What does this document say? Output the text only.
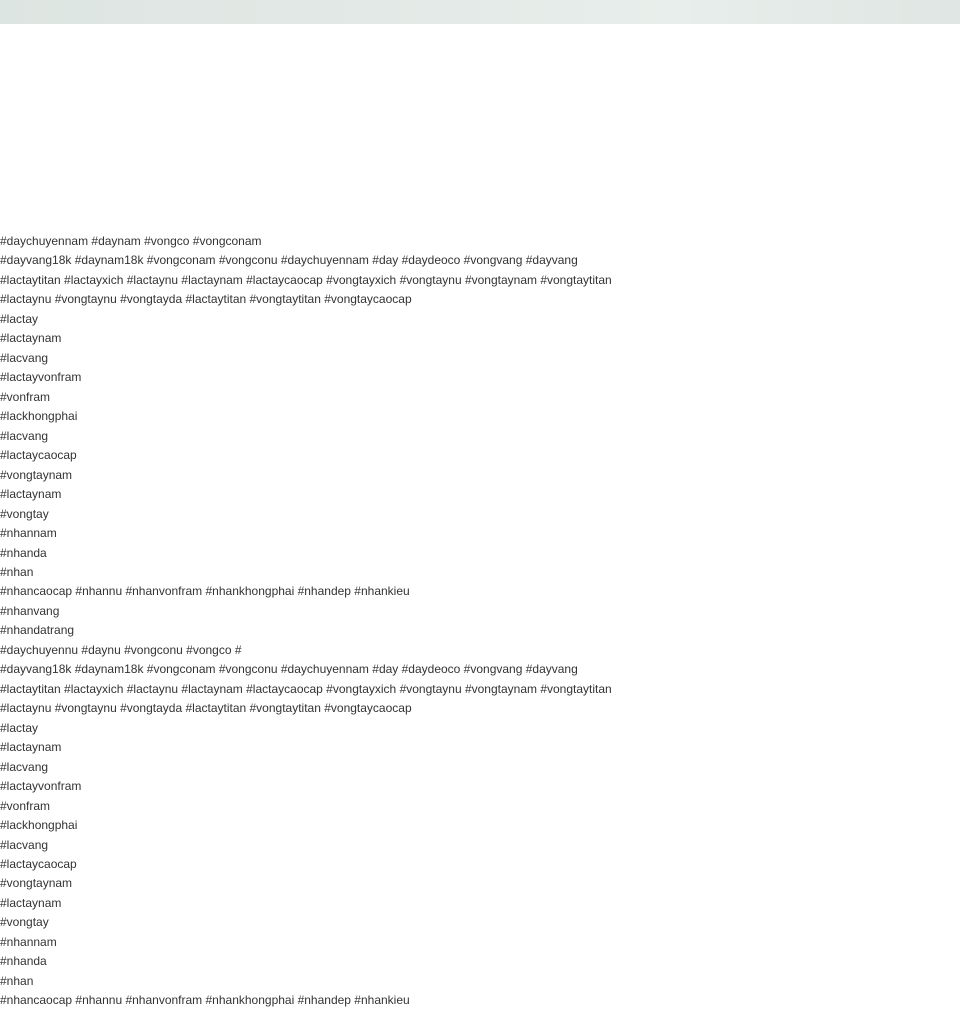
#daychuyennam #daynam #vongco #vongconam
#dayvang18k #daynam18k #vongconam #vongconu #daychuyennam #day #daydeoco #vongvang #dayvang
#lactaytitan #lactayxich #lactaynu #lactaynam #lactaycaocap #vongtayxich #vongtaynu #vongtaynam #vongtaytitan
#lactaynu #vongtaynu #vongtayda #lactaytitan #vongtaytitan #vongtaycaocap
#lactay
#lactaynam
#lacvang
#lactayvonfram
#vonfram
#lackhongphai
#lacvang
#lactaycaocap
#vongtaynam
#lactaynam
#vongtay
#nhannam
#nhanda
#nhan
#nhancaocap #nhannu #nhanvonfram #nhankhongphai #nhandep #nhankieu
#nhanvang
#nhandatrang
#daychuyennu #daynu #vongconu #vongco #
#dayvang18k #daynam18k #vongconam #vongconu #daychuyennam #day #daydeoco #vongvang #dayvang
#lactaytitan #lactayxich #lactaynu #lactaynam #lactaycaocap #vongtayxich #vongtaynu #vongtaynam #vongtaytitan
#lactaynu #vongtaynu #vongtayda #lactaytitan #vongtaytitan #vongtaycaocap
#lactay
#lactaynam
#lacvang
#lactayvonfram
#vonfram
#lackhongphai
#lacvang
#lactaycaocap
#vongtaynam
#lactaynam
#vongtay
#nhannam
#nhanda
#nhan
#nhancaocap #nhannu #nhanvonfram #nhankhongphai #nhandep #nhankieu
